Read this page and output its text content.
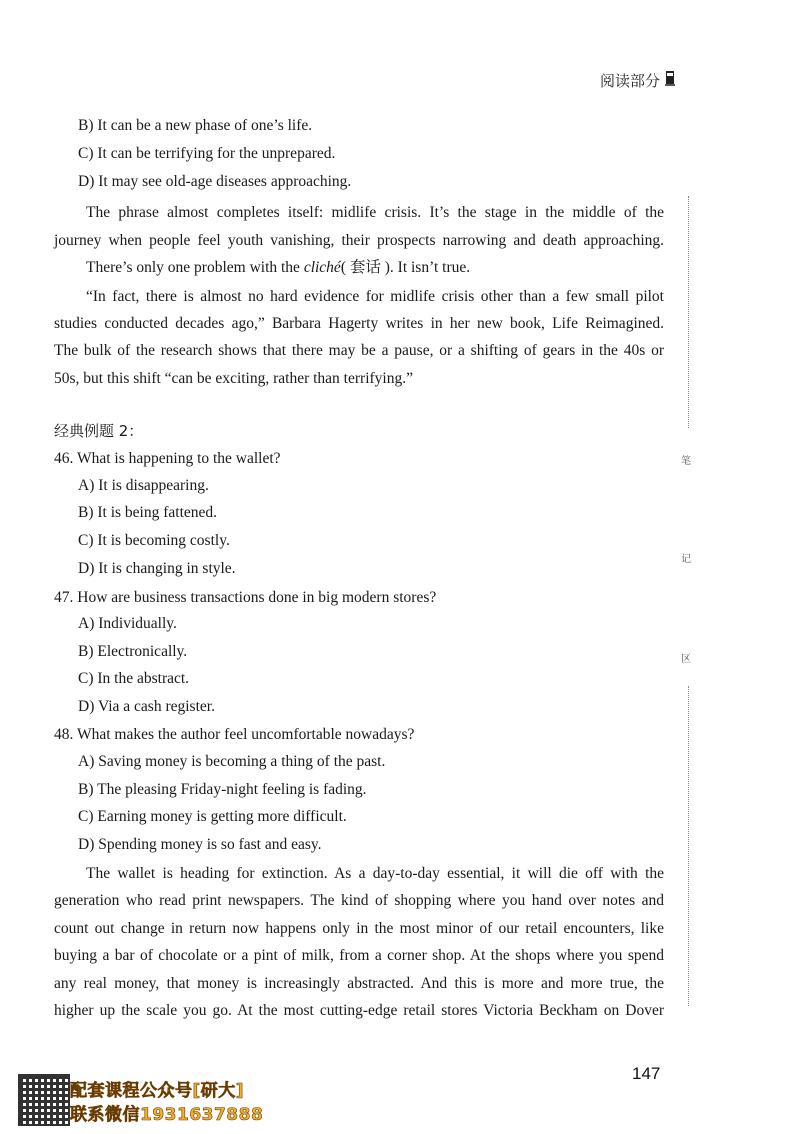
阅读部分
B) It can be a new phase of one’s life.
C) It can be terrifying for the unprepared.
D) It may see old-age diseases approaching.
The phrase almost completes itself: midlife crisis. It’s the stage in the middle of the
journey when people feel youth vanishing, their prospects narrowing and death approaching.
There’s only one problem with the cliché( 套话 ). It isn’t true.
“In fact, there is almost no hard evidence for midlife crisis other than a few small pilot
studies conducted decades ago,” Barbara Hagerty writes in her new book, Life Reimagined.
The bulk of the research shows that there may be a pause, or a shifting of gears in the 40s or
50s, but this shift “can be exciting, rather than terrifying.”
经典例题 2：
46. What is happening to the wallet?
A) It is disappearing.
B) It is being fattened.
C) It is becoming costly.
D) It is changing in style.
47. How are business transactions done in big modern stores?
A) Individually.
B) Electronically.
C) In the abstract.
D) Via a cash register.
48. What makes the author feel uncomfortable nowadays?
A) Saving money is becoming a thing of the past.
B) The pleasing Friday-night feeling is fading.
C) Earning money is getting more difficult.
D) Spending money is so fast and easy.
The wallet is heading for extinction. As a day-to-day essential, it will die off with the
generation who read print newspapers. The kind of shopping where you hand over notes and
count out change in return now happens only in the most minor of our retail encounters, like
buying a bar of chocolate or a pint of milk, from a corner shop. At the shops where you spend
any real money, that money is increasingly abstracted. And this is more and more true, the
higher up the scale you go. At the most cutting-edge retail stores Victoria Beckham on Dover
笔
记
区
147
配套课程公众号[研大]
联系微信1931637888
